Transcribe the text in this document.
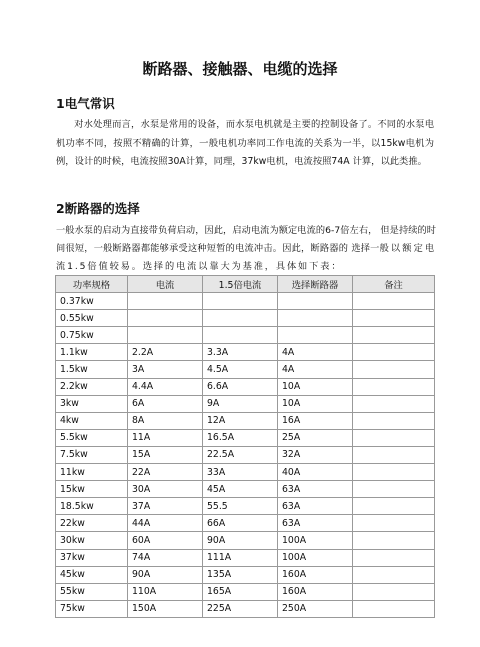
断路器、接触器、电缆的选择
1电气常识
对水处理而言，水泵是常用的设备，而水泵电机就是主要的控制设备了。不同的水泵电机功率不同，按照不精确的计算，一般电机功率同工作电流的关系为一半，以15kw电机为例，设计的时候，电流按照30A计算，同理，37kw电机，电流按照74A 计算，以此类推。
2断路器的选择
一般水泵的启动为直接带负荷启动，因此，启动电流为额定电流的6-7倍左右， 但是持续的时间很短，一般断路器都能够承受这种短暂的电流冲击。因此，断路器的 选择一般以额定电流1.5倍值较易。选择的电流以靠大为基准，具体如下表：
功率规格	电流	1.5倍电流	选择断路器	备注
0.37kw				
0.55kw				
0.75kw				
1.1kw	2.2A	3.3A	4A	
1.5kw	3A	4.5A	4A	
2.2kw	4.4A	6.6A	10A	
3kw	6A	9A	10A	
4kw	8A	12A	16A	
5.5kw	11A	16.5A	25A	
7.5kw	15A	22.5A	32A	
11kw	22A	33A	40A	
15kw	30A	45A	63A	
18.5kw	37A	55.5	63A	
22kw	44A	66A	63A	
30kw	60A	90A	100A	
37kw	74A	111A	100A	
45kw	90A	135A	160A	
55kw	110A	165A	160A	
75kw	150A	225A	250A	
